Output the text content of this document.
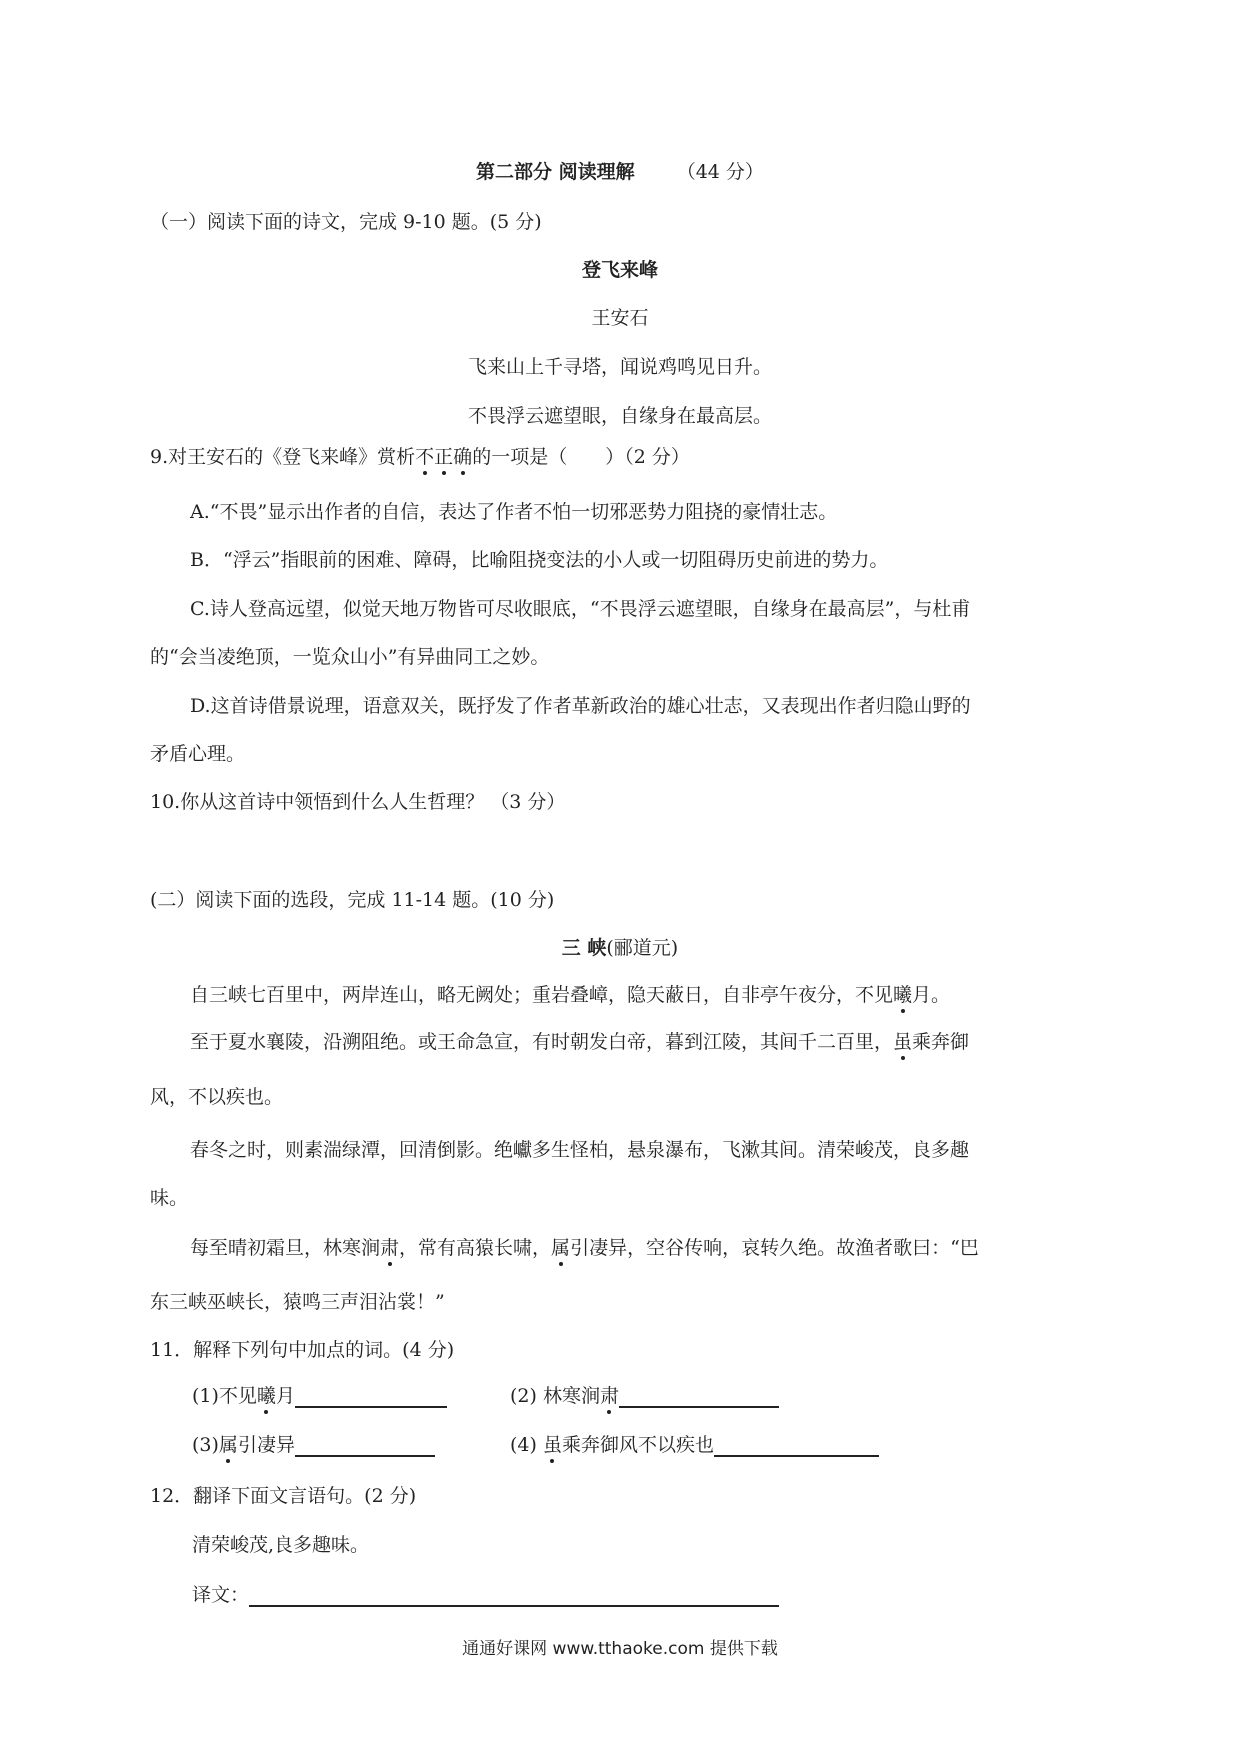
第二部分 阅读理解 （44 分）
（一）阅读下面的诗文，完成 9-10 题。(5 分)
登飞来峰
王安石
飞来山上千寻塔，闻说鸡鸣见日升。
不畏浮云遮望眼，自缘身在最高层。
9.对王安石的《登飞来峰》赏析不正确的一项是（　　）（2 分）
A.“不畏”显示出作者的自信，表达了作者不怕一切邪恶势力阻挠的豪情壮志。
B．“浮云”指眼前的困难、障碍，比喻阻挠变法的小人或一切阻碍历史前进的势力。
C.诗人登高远望，似觉天地万物皆可尽收眼底，“不畏浮云遮望眼，自缘身在最高层”，与杜甫
的“会当凌绝顶，一览众山小”有异曲同工之妙。
D.这首诗借景说理，语意双关，既抒发了作者革新政治的雄心壮志，又表现出作者归隐山野的
矛盾心理。
10.你从这首诗中领悟到什么人生哲理？ （3 分）
(二）阅读下面的选段，完成 11-14 题。(10 分)
三 峡(郦道元)
自三峡七百里中，两岸连山，略无阙处；重岩叠嶂，隐天蔽日，自非亭午夜分，不见曦月。
至于夏水襄陵，沿溯阻绝。或王命急宣，有时朝发白帝，暮到江陵，其间千二百里，虽乘奔御
风，不以疾也。
春冬之时，则素湍绿潭，回清倒影。绝巘多生怪柏，悬泉瀑布，飞漱其间。清荣峻茂，良多趣
味。
每至晴初霜旦，林寒涧肃，常有高猿长啸，属引凄异，空谷传响，哀转久绝。故渔者歌曰：“巴
东三峡巫峡长，猿鸣三声泪沾裳！”
11．解释下列句中加点的词。(4 分)
(1)不见曦月	(2) 林寒涧肃
(3)属引凄异	(4) 虽乘奔御风不以疾也
12．翻译下面文言语句。(2 分)
清荣峻茂,良多趣味。
译文：
通通好课网 www.tthaoke.com 提供下载
